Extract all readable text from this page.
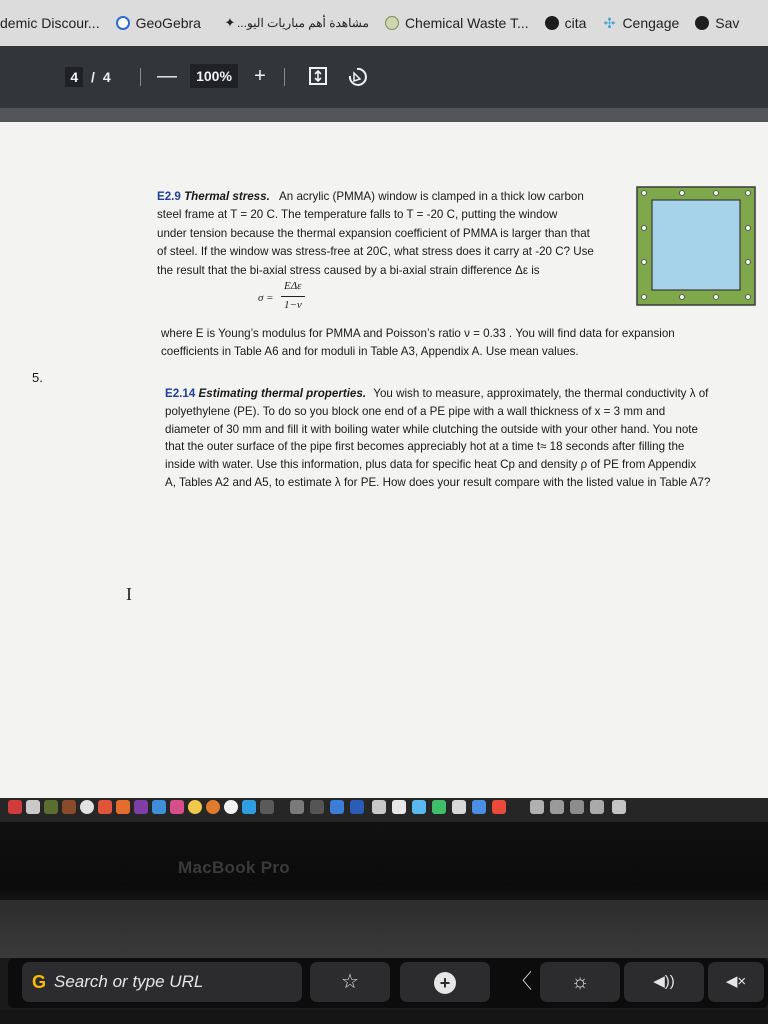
demic Discour...	GeoGebra	مشاهدة أهم مباريات اليو...
✦	Chemical Waste T...	cita ✣ Cengage	Sav
4 / 4 —	100%	+
E2.9 Thermal stress. An acrylic (PMMA) window is clamped in a thick low carbon
steel frame at T = 20 C. The temperature falls to T = -20 C, putting the window
under tension because the thermal expansion coefficient of PMMA is larger than that
of steel. If the window was stress-free at 20C, what stress does it carry at -20 C? Use
the result that the bi-axial stress caused by a bi-axial strain difference Δε is
σ =
EΔε
1−ν
where E is Young’s modulus for PMMA and Poisson’s ratio ν = 0.33 . You will find data for expansion
coefficients in Table A6 and for moduli in Table A3, Appendix A. Use mean values.
5.
E2.14 Estimating thermal properties. You wish to measure, approximately, the thermal conductivity λ of
polyethylene (PE). To do so you block one end of a PE pipe with a wall thickness of x = 3 mm and
diameter of 30 mm and fill it with boiling water while clutching the outside with your other hand. You note
that the outer surface of the pipe first becomes appreciably hot at a time t≈ 18 seconds after filling the
inside with water. Use this information, plus data for specific heat Cp and density ρ of PE from Appendix
A, Tables A2 and A5, to estimate λ for PE. How does your result compare with the listed value in Table A7?
I
MacBook Pro
G Search or type URL	☆	+	〈	☼	◀))	◀×
